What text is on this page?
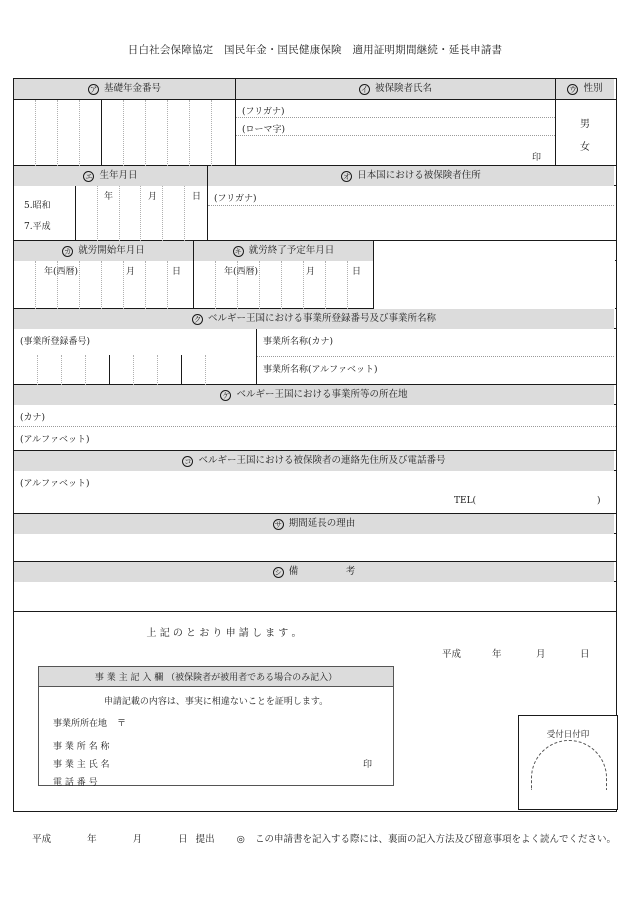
日白社会保障協定　国民年金・国民健康保険　適用証明期間継続・延長申請書
ア 基礎年金番号	イ 被保険者氏名	ウ 性別
(フリガナ)
(ローマ字)
印
男
女
エ 生年月日	オ 日本国における被保険者住所
5.昭和
7.平成
年	月	日 (フリガナ)
カ 就労開始年月日	キ 就労終了予定年月日
年(西暦)	月	日	年(西暦)	月	日
ク ベルギー王国における事業所登録番号及び事業所名称
(事業所登録番号)	事業所名称(カナ)
事業所名称(アルファベット)
ケ ベルギー王国における事業所等の所在地
(カナ)
(アルファベット)
コ ベルギー王国における被保険者の連絡先住所及び電話番号
(アルファベット)
TEL(	)
サ 期間延長の理由
シ 備　　　　　考
上 記 の と お り 申 請 し ま す 。
平成	年	月	日
事 業 主 記 入 欄 （被保険者が被用者である場合のみ記入）
申請記載の内容は、事実に相違ないことを証明します。
事業所所在地 〒
事 業 所 名 称
事 業 主 氏 名	印
電 話 番 号
受付日付印

平成	年	月	日 提出 ◎ この申請書を記入する際には、裏面の記入方法及び留意事項をよく読んでください。
